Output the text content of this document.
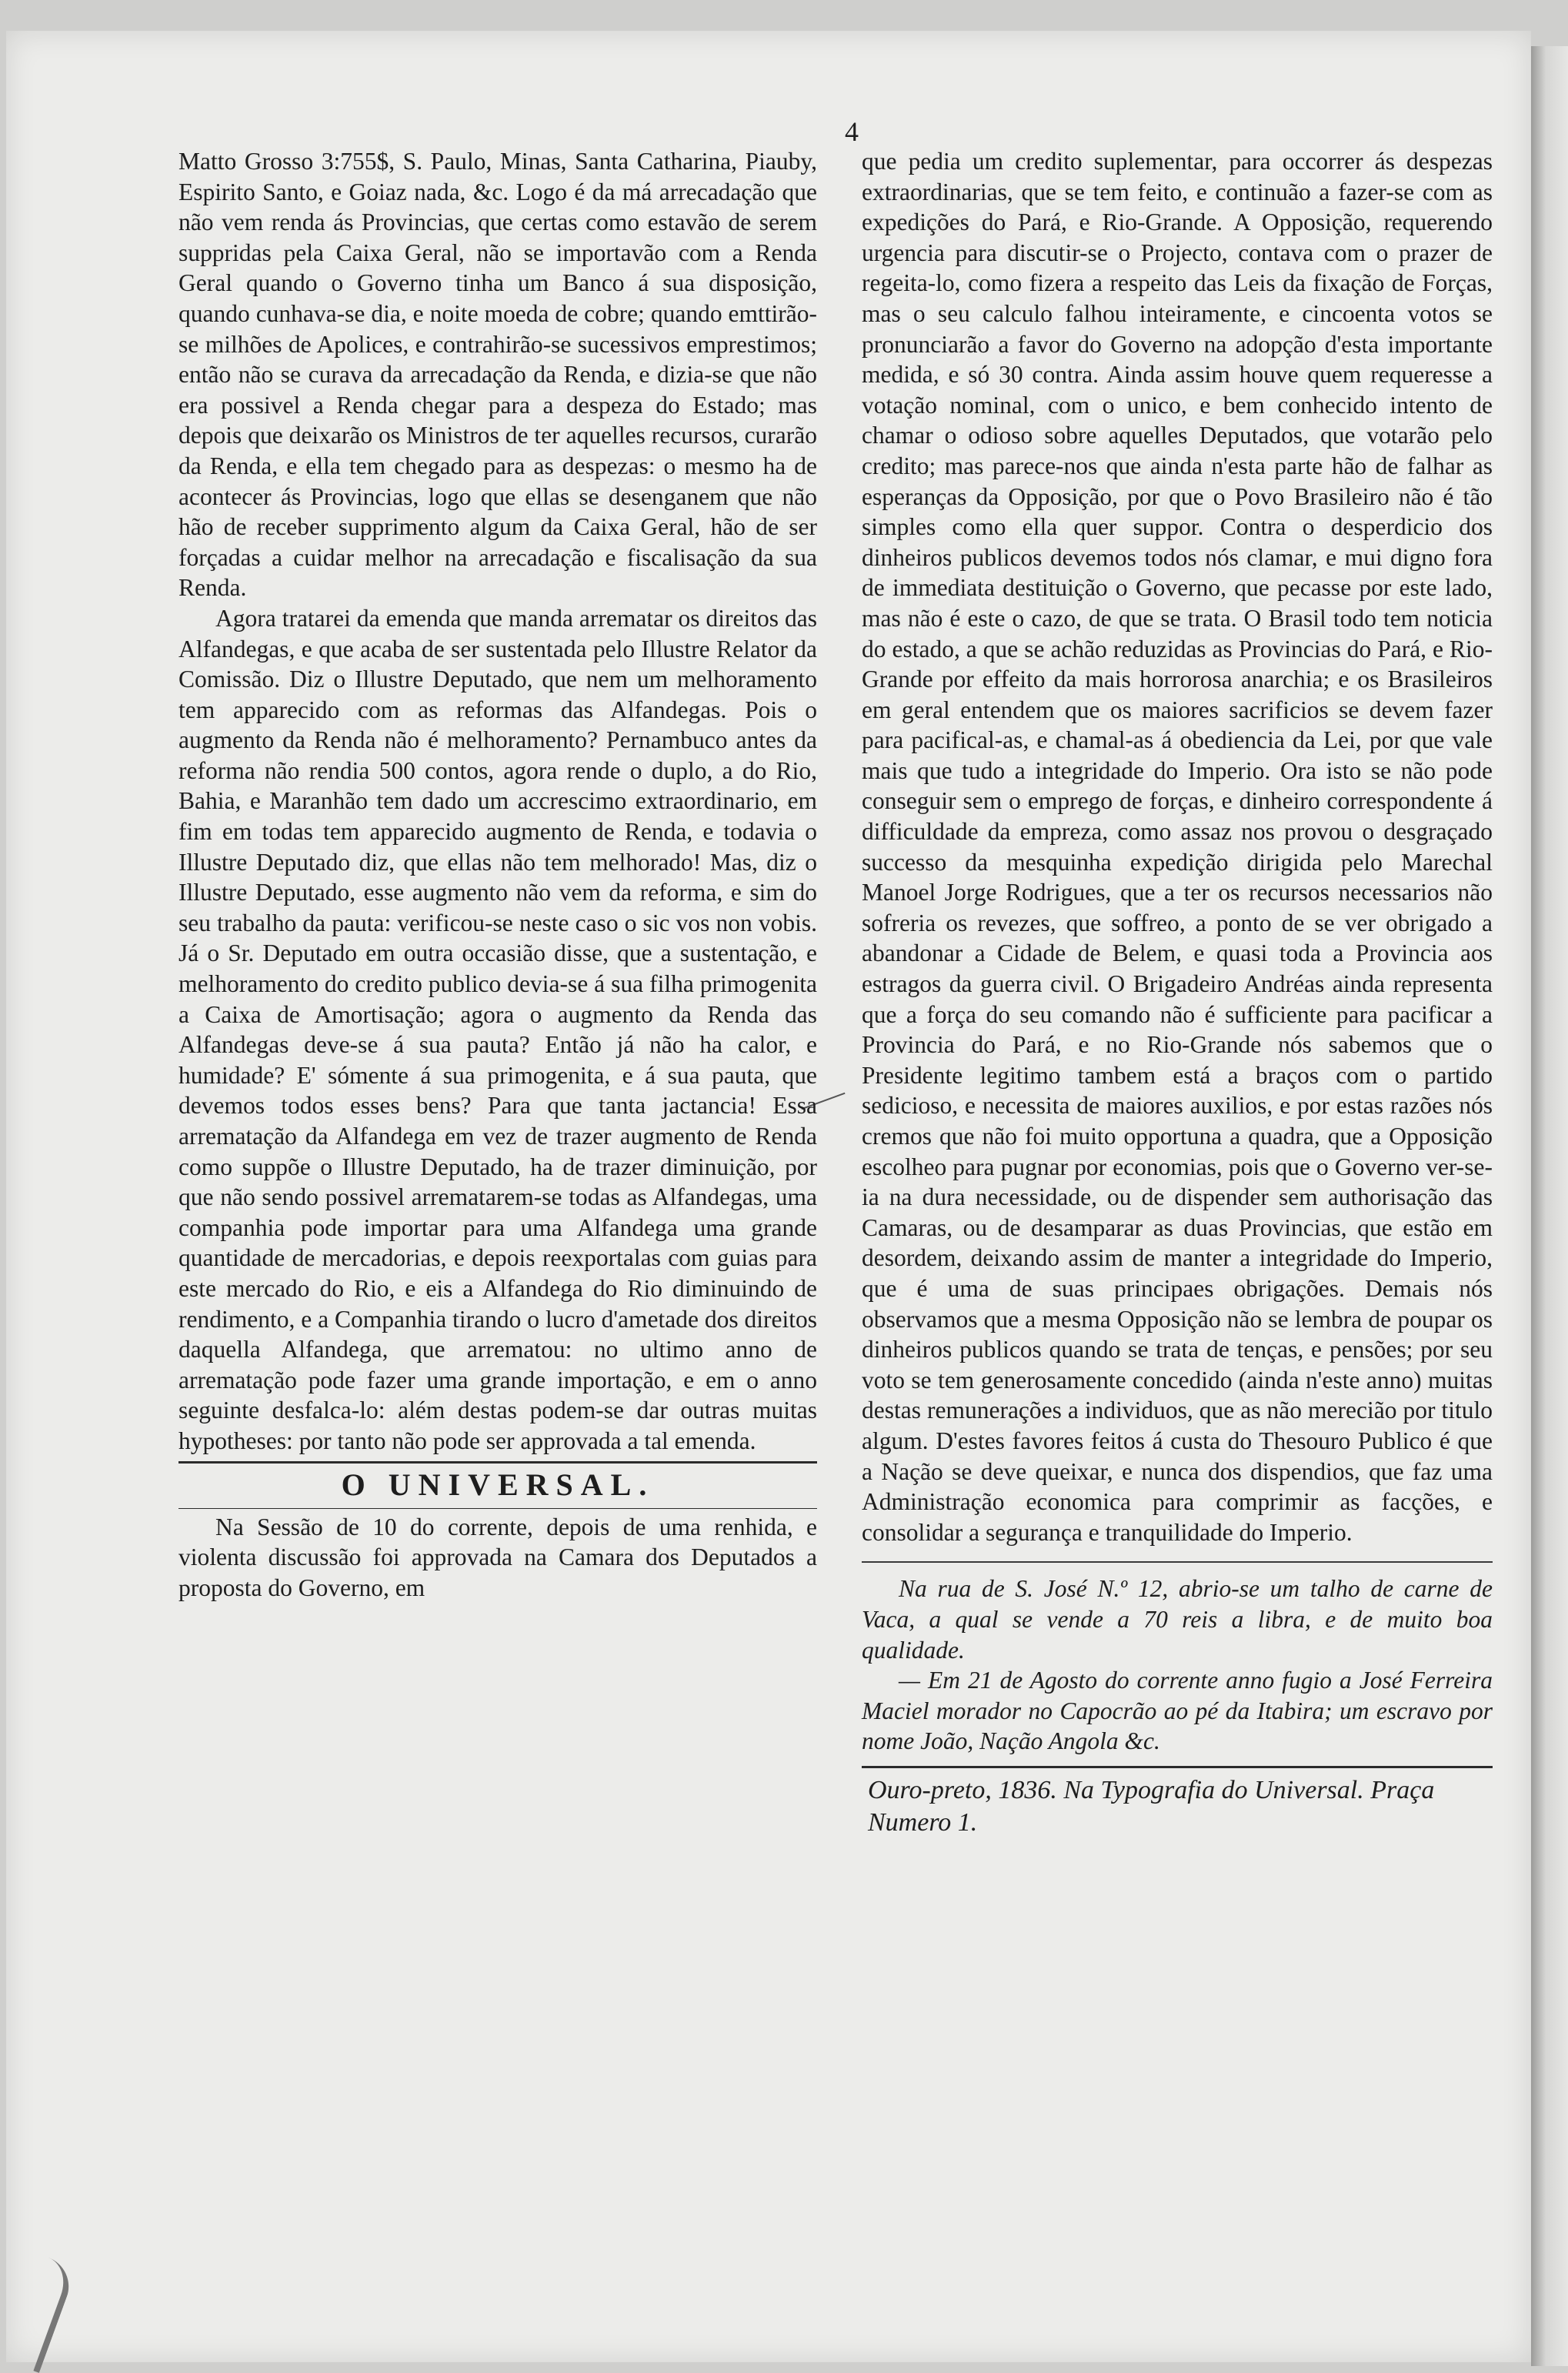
4

Matto Grosso 3:755$, S. Paulo, Minas, Santa Catharina, Piauby, Espirito Santo, e Goiaz nada, &c. Logo é da má arrecadação que não vem renda ás Provincias, que certas como estavão de serem suppridas pela Caixa Geral, não se importavão com a Renda Geral quando o Governo tinha um Banco á sua disposição, quando cunhava-se dia, e noite moeda de cobre; quando emttirão-se milhões de Apolices, e contrahirão-se sucessivos emprestimos; então não se curava da arrecadação da Renda, e dizia-se que não era possivel a Renda chegar para a despeza do Estado; mas depois que deixarão os Ministros de ter aquelles recursos, curarão da Renda, e ella tem chegado para as despezas: o mesmo ha de acontecer ás Provincias, logo que ellas se desenganem que não hão de receber supprimento algum da Caixa Geral, hão de ser forçadas a cuidar melhor na arrecadação e fiscalisação da sua Renda.

Agora tratarei da emenda que manda arrematar os direitos das Alfandegas, e que acaba de ser sustentada pelo Illustre Relator da Comissão. Diz o Illustre Deputado, que nem um melhoramento tem apparecido com as reformas das Alfandegas. Pois o augmento da Renda não é melhoramento? Pernambuco antes da reforma não rendia 500 contos, agora rende o duplo, a do Rio, Bahia, e Maranhão tem dado um accrescimo extraordinario, em fim em todas tem apparecido augmento de Renda, e todavia o Illustre Deputado diz, que ellas não tem melhorado! Mas, diz o Illustre Deputado, esse augmento não vem da reforma, e sim do seu trabalho da pauta: verificou-se neste caso o sic vos non vobis. Já o Sr. Deputado em outra occasião disse, que a sustentação, e melhoramento do credito publico devia-se á sua filha primogenita a Caixa de Amortisação; agora o augmento da Renda das Alfandegas deve-se á sua pauta? Então já não ha calor, e humidade? E' sómente á sua primogenita, e á sua pauta, que devemos todos esses bens? Para que tanta jactancia! Essa arrematação da Alfandega em vez de trazer augmento de Renda como suppõe o Illustre Deputado, ha de trazer diminuição, por que não sendo possivel arrematarem-se todas as Alfandegas, uma companhia pode importar para uma Alfandega uma grande quantidade de mercadorias, e depois reexportalas com guias para este mercado do Rio, e eis a Alfandega do Rio diminuindo de rendimento, e a Companhia tirando o lucro d'ametade dos direitos daquella Alfandega, que arrematou: no ultimo anno de arrematação pode fazer uma grande importação, e em o anno seguinte desfalca-lo: além destas podem-se dar outras muitas hypotheses: por tanto não pode ser approvada a tal emenda.

O UNIVERSAL.

Na Sessão de 10 do corrente, depois de uma renhida, e violenta discussão foi approvada na Camara dos Deputados a proposta do Governo, em

que pedia um credito suplementar, para occorrer ás despezas extraordinarias, que se tem feito, e continuão a fazer-se com as expedições do Pará, e Rio-Grande. A Opposição, requerendo urgencia para discutir-se o Projecto, contava com o prazer de regeita-lo, como fizera a respeito das Leis da fixação de Forças, mas o seu calculo falhou inteiramente, e cincoenta votos se pronunciarão a favor do Governo na adopção d'esta importante medida, e só 30 contra. Ainda assim houve quem requeresse a votação nominal, com o unico, e bem conhecido intento de chamar o odioso sobre aquelles Deputados, que votarão pelo credito; mas parece-nos que ainda n'esta parte hão de falhar as esperanças da Opposição, por que o Povo Brasileiro não é tão simples como ella quer suppor. Contra o desperdicio dos dinheiros publicos devemos todos nós clamar, e mui digno fora de immediata destituição o Governo, que pecasse por este lado, mas não é este o cazo, de que se trata. O Brasil todo tem noticia do estado, a que se achão reduzidas as Provincias do Pará, e Rio-Grande por effeito da mais horrorosa anarchia; e os Brasileiros em geral entendem que os maiores sacrificios se devem fazer para pacifical-as, e chamal-as á obediencia da Lei, por que vale mais que tudo a integridade do Imperio. Ora isto se não pode conseguir sem o emprego de forças, e dinheiro correspondente á difficuldade da empreza, como assaz nos provou o desgraçado successo da mesquinha expedição dirigida pelo Marechal Manoel Jorge Rodrigues, que a ter os recursos necessarios não sofreria os revezes, que soffreo, a ponto de se ver obrigado a abandonar a Cidade de Belem, e quasi toda a Provincia aos estragos da guerra civil. O Brigadeiro Andréas ainda representa que a força do seu comando não é sufficiente para pacificar a Provincia do Pará, e no Rio-Grande nós sabemos que o Presidente legitimo tambem está a braços com o partido sedicioso, e necessita de maiores auxilios, e por estas razões nós cremos que não foi muito opportuna a quadra, que a Opposição escolheo para pugnar por economias, pois que o Governo ver-se-ia na dura necessidade, ou de dispender sem authorisação das Camaras, ou de desamparar as duas Provincias, que estão em desordem, deixando assim de manter a integridade do Imperio, que é uma de suas principaes obrigações. Demais nós observamos que a mesma Opposição não se lembra de poupar os dinheiros publicos quando se trata de tenças, e pensões; por seu voto se tem generosamente concedido (ainda n'este anno) muitas destas remunerações a individuos, que as não merecião por titulo algum. D'estes favores feitos á custa do Thesouro Publico é que a Nação se deve queixar, e nunca dos dispendios, que faz uma Administração economica para comprimir as facções, e consolidar a segurança e tranquilidade do Imperio.

Na rua de S. José N.º 12, abrio-se um talho de carne de Vaca, a qual se vende a 70 reis a libra, e de muito boa qualidade.

— Em 21 de Agosto do corrente anno fugio a José Ferreira Maciel morador no Capocrão ao pé da Itabira; um escravo por nome João, Nação Angola &c.

Ouro-preto, 1836. Na Typografia do Universal. Praça Numero 1.
